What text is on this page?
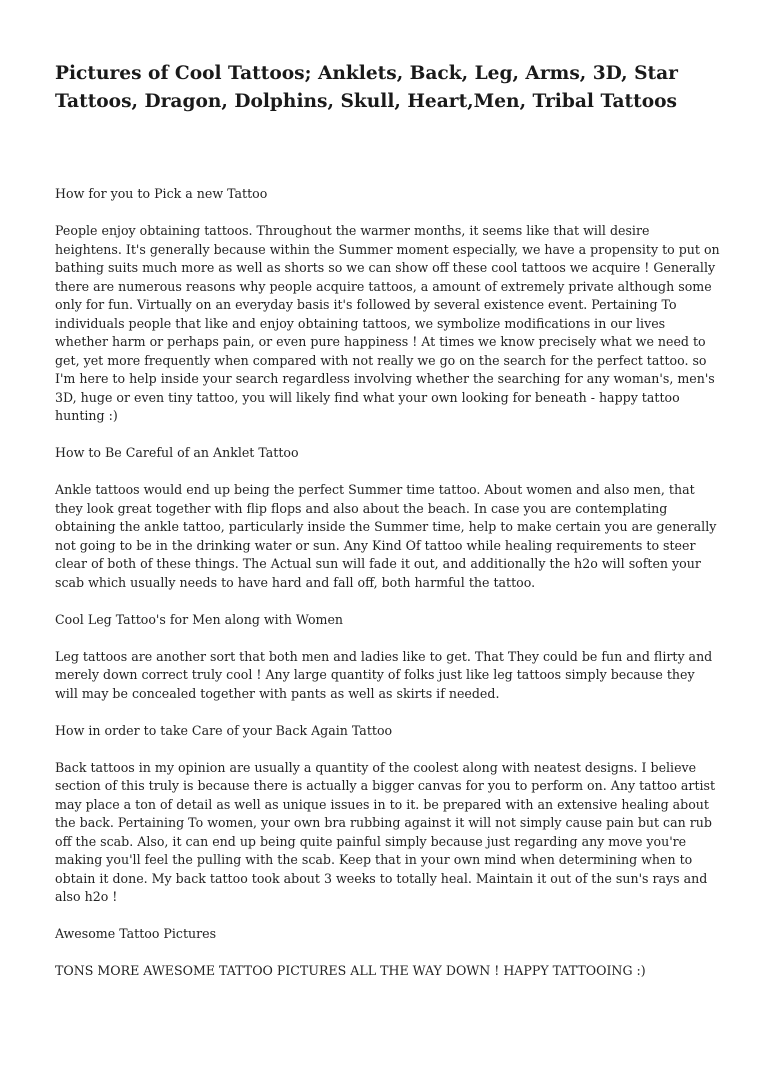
Pictures of Cool Tattoos; Anklets, Back, Leg, Arms, 3D, Star Tattoos, Dragon, Dolphins, Skull, Heart,Men, Tribal Tattoos
How for you to Pick a new Tattoo

People enjoy obtaining tattoos. Throughout the warmer months, it seems like that will desire heightens. It's generally because within the Summer moment especially, we have a propensity to put on bathing suits much more as well as shorts so we can show off these cool tattoos we acquire ! Generally there are numerous reasons why people acquire tattoos, a amount of extremely private although some only for fun. Virtually on an everyday basis it's followed by several existence event. Pertaining To individuals people that like and enjoy obtaining tattoos, we symbolize modifications in our lives whether harm or perhaps pain, or even pure happiness ! At times we know precisely what we need to get, yet more frequently when compared with not really we go on the search for the perfect tattoo. so I'm here to help inside your search regardless involving whether the searching for any woman's, men's 3D, huge or even tiny tattoo, you will likely find what your own looking for beneath - happy tattoo hunting :)

How to Be Careful of an Anklet Tattoo

Ankle tattoos would end up being the perfect Summer time tattoo. About women and also men, that they look great together with flip flops and also about the beach. In case you are contemplating obtaining the ankle tattoo, particularly inside the Summer time, help to make certain you are generally not going to be in the drinking water or sun. Any Kind Of tattoo while healing requirements to steer clear of both of these things. The Actual sun will fade it out, and additionally the h2o will soften your scab which usually needs to have hard and fall off, both harmful the tattoo.

Cool Leg Tattoo's for Men along with Women

Leg tattoos are another sort that both men and ladies like to get. That They could be fun and flirty and merely down correct truly cool ! Any large quantity of folks just like leg tattoos simply because they will may be concealed together with pants as well as skirts if needed.

How in order to take Care of your Back Again Tattoo

Back tattoos in my opinion are usually a quantity of the coolest along with neatest designs. I believe section of this truly is because there is actually a bigger canvas for you to perform on. Any tattoo artist may place a ton of detail as well as unique issues in to it. be prepared with an extensive healing about the back. Pertaining To women, your own bra rubbing against it will not simply cause pain but can rub off the scab. Also, it can end up being quite painful simply because just regarding any move you're making you'll feel the pulling with the scab. Keep that in your own mind when determining when to obtain it done. My back tattoo took about 3 weeks to totally heal. Maintain it out of the sun's rays and also h2o !

Awesome Tattoo Pictures

TONS MORE AWESOME TATTOO PICTURES ALL THE WAY DOWN ! HAPPY TATTOOING :)
